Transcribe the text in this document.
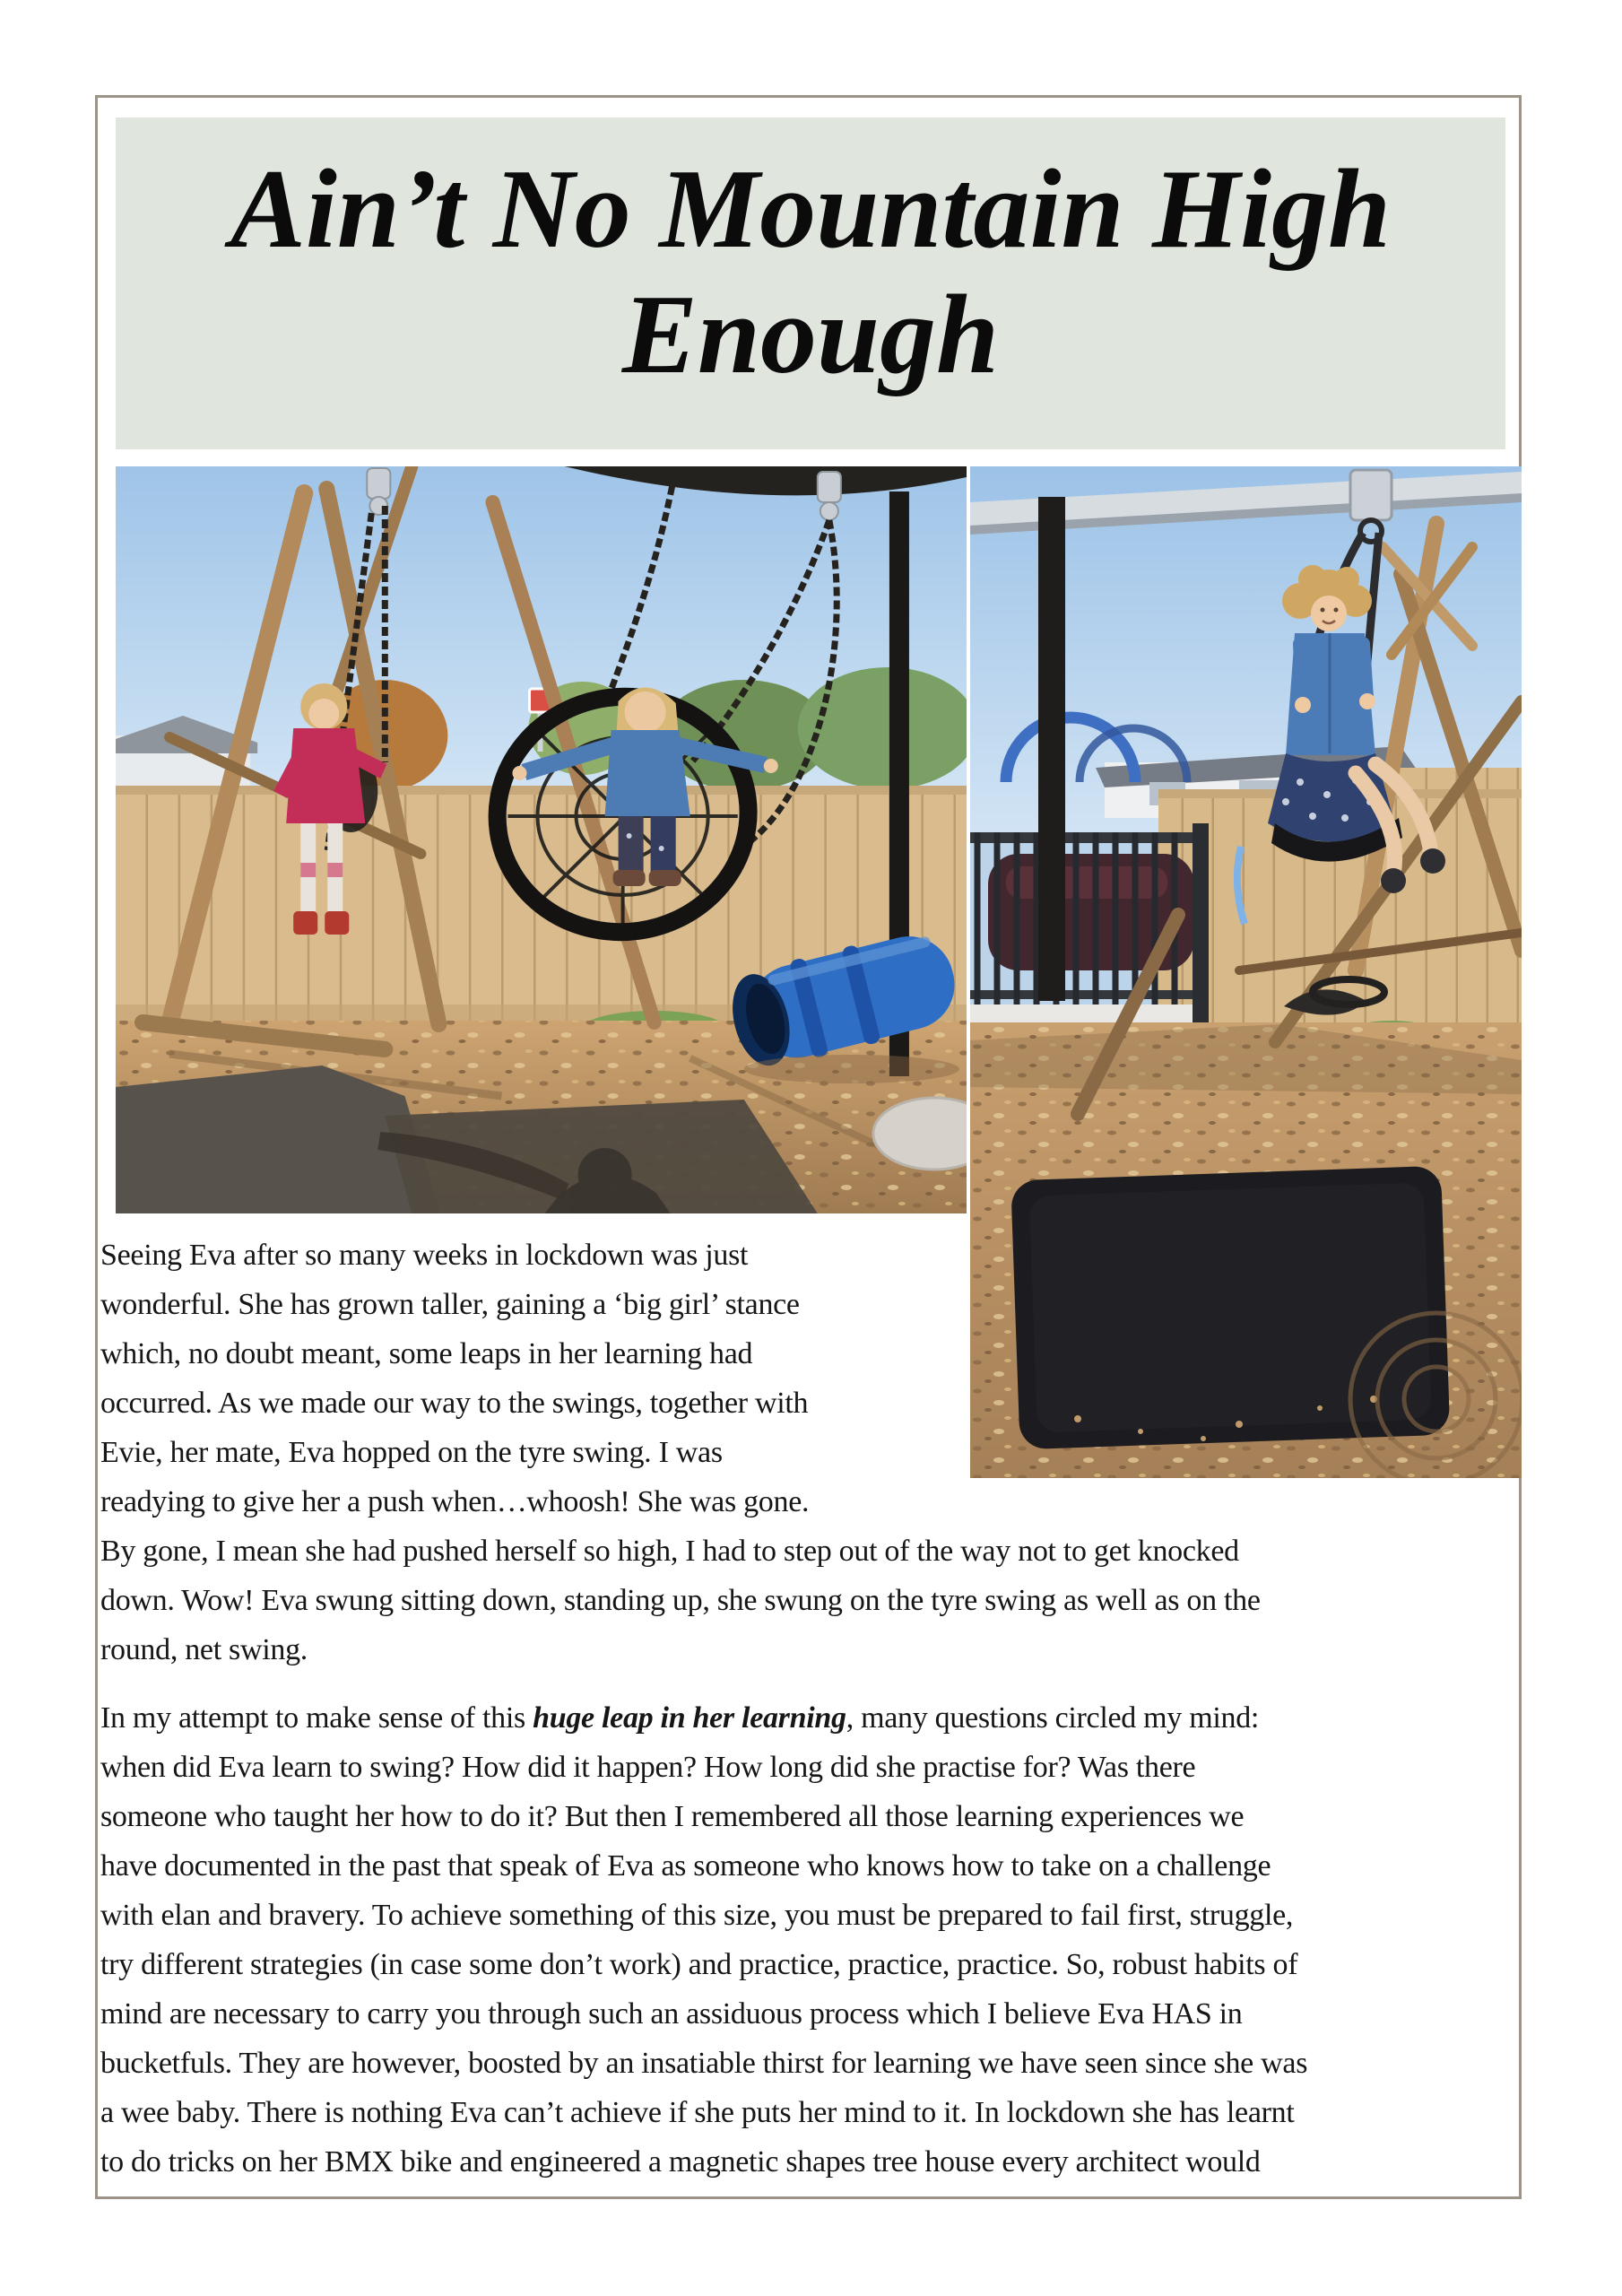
Ain’t No Mountain High
Enough
Seeing Eva after so many weeks in lockdown was just
wonderful. She has grown taller, gaining a ‘big girl’ stance
which, no doubt meant, some leaps in her learning had
occurred. As we made our way to the swings, together with
Evie, her mate, Eva hopped on the tyre swing. I was
readying to give her a push when…whoosh! She was gone.
By gone, I mean she had pushed herself so high, I had to step out of the way not to get knocked
down. Wow! Eva swung sitting down, standing up, she swung on the tyre swing as well as on the
round, net swing.
In my attempt to make sense of this huge leap in her learning, many questions circled my mind:
when did Eva learn to swing? How did it happen? How long did she practise for? Was there
someone who taught her how to do it? But then I remembered all those learning experiences we
have documented in the past that speak of Eva as someone who knows how to take on a challenge
with elan and bravery. To achieve something of this size, you must be prepared to fail first, struggle,
try different strategies (in case some don’t work) and practice, practice, practice. So, robust habits of
mind are necessary to carry you through such an assiduous process which I believe Eva HAS in
bucketfuls. They are however, boosted by an insatiable thirst for learning we have seen since she was
a wee baby. There is nothing Eva can’t achieve if she puts her mind to it. In lockdown she has learnt
to do tricks on her BMX bike and engineered a magnetic shapes tree house every architect would
